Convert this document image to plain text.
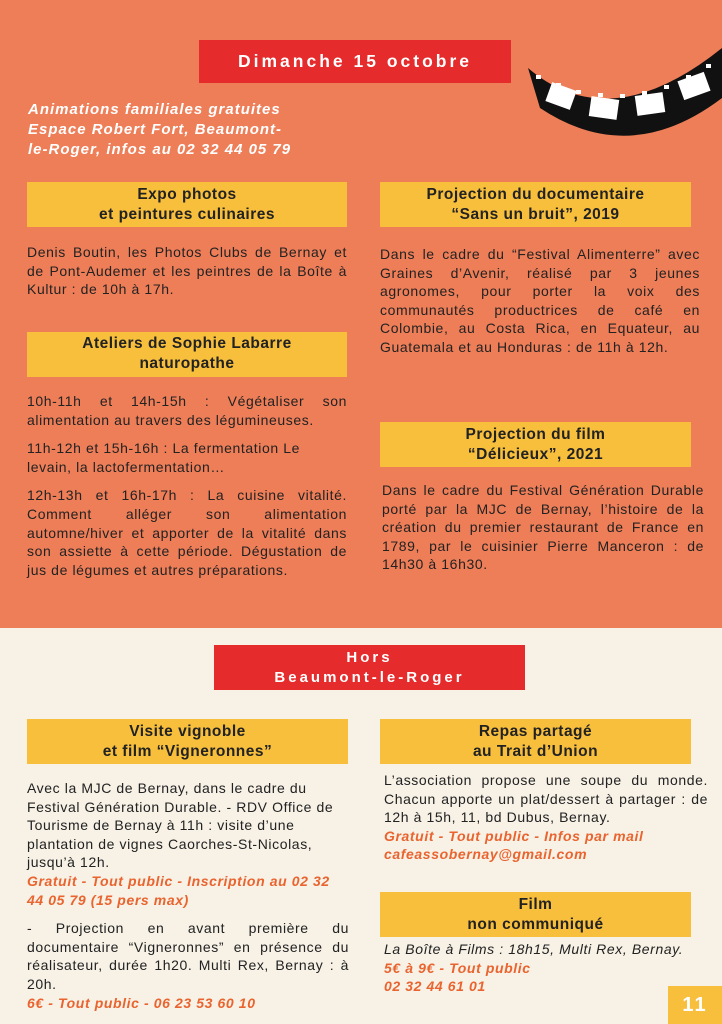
Dimanche 15 octobre
Animations familiales gratuites
Espace Robert Fort, Beaumont-
le-Roger, infos au 02 32 44 05 79
Expo photos
et peintures culinaires
Denis Boutin, les Photos Clubs de Bernay et de Pont-Audemer et les peintres de la Boîte à Kultur : de 10h à 17h.
Ateliers de Sophie Labarre
naturopathe

10h-11h et 14h-15h : Végétaliser son alimentation au travers des légumineuses.

11h-12h et 15h-16h : La fermentation Le levain, la lactofermentation…

12h-13h et 16h-17h : La cuisine vitalité. Comment alléger son alimentation automne/hiver et apporter de la vitalité dans son assiette à cette période. Dégustation de jus de légumes et autres préparations.

Projection du documentaire
“Sans un bruit”, 2019
Dans le cadre du “Festival Alimenterre” avec Graines d’Avenir, réalisé par 3 jeunes agronomes, pour porter la voix des communautés productrices de café en Colombie, au Costa Rica, en Equateur, au Guatemala et au Honduras : de 11h à 12h.
Projection du film
“Délicieux”, 2021
Dans le cadre du Festival Génération Durable porté par la MJC de Bernay, l’histoire de la création du premier restaurant de France en 1789, par le cuisinier Pierre Manceron : de 14h30 à 16h30.
Hors
Beaumont-le-Roger
Visite vignoble
et film “Vigneronnes”

Avec la MJC de Bernay, dans le cadre du Festival Génération Durable. - RDV Office de Tourisme de Bernay à 11h : visite d’une plantation de vignes Caorches-St-Nicolas, jusqu’à 12h.

Gratuit - Tout public - Inscription au 02 32 44 05 79 (15 pers max)

- Projection en avant première du documentaire “Vigneronnes” en présence du réalisateur, durée 1h20. Multi Rex, Bernay : à 20h.

6€ - Tout public - 06 23 53 60 10

Repas partagé
au Trait d’Union

L’association propose une soupe du monde. Chacun apporte un plat/dessert à partager : de 12h à 15h, 11, bd Dubus, Bernay.

Gratuit - Tout public - Infos par mail cafeassobernay@gmail.com

Film
non communiqué
La Boîte à Films : 18h15, Multi Rex, Bernay. 5€ à 9€ - Tout public
02 32 44 61 01
11
